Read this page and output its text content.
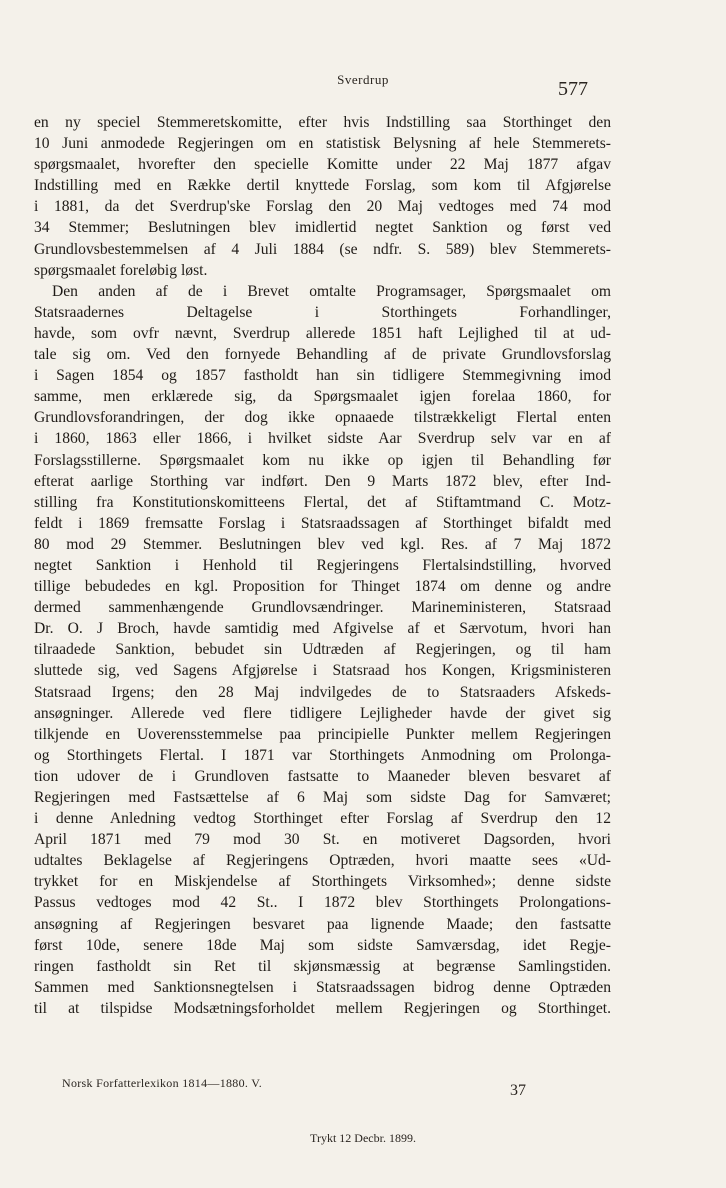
Sverdrup	577
en ny speciel Stemmeretskomitte, efter hvis Indstilling saa Storthinget den
10 Juni anmodede Regjeringen om en statistisk Belysning af hele Stemmerets-
spørgsmaalet, hvorefter den specielle Komitte under 22 Maj 1877 afgav
Indstilling med en Række dertil knyttede Forslag, som kom til Afgjørelse
i 1881, da det Sverdrup'ske Forslag den 20 Maj vedtoges med 74 mod
34 Stemmer; Beslutningen blev imidlertid negtet Sanktion og først ved
Grundlovsbestemmelsen af 4 Juli 1884 (se ndfr. S. 589) blev Stemmerets-
spørgsmaalet foreløbig løst.
Den anden af de i Brevet omtalte Programsager, Spørgsmaalet om
Statsraadernes Deltagelse i Storthingets Forhandlinger,
havde, som ovfr nævnt, Sverdrup allerede 1851 haft Lejlighed til at ud-
tale sig om. Ved den fornyede Behandling af de private Grundlovsforslag
i Sagen 1854 og 1857 fastholdt han sin tidligere Stemmegivning imod
samme, men erklærede sig, da Spørgsmaalet igjen forelaa 1860, for
Grundlovsforandringen, der dog ikke opnaaede tilstrækkeligt Flertal enten
i 1860, 1863 eller 1866, i hvilket sidste Aar Sverdrup selv var en af
Forslagsstillerne. Spørgsmaalet kom nu ikke op igjen til Behandling før
efterat aarlige Storthing var indført. Den 9 Marts 1872 blev, efter Ind-
stilling fra Konstitutionskomitteens Flertal, det af Stiftamtmand C. Motz-
feldt i 1869 fremsatte Forslag i Statsraadssagen af Storthinget bifaldt med
80 mod 29 Stemmer. Beslutningen blev ved kgl. Res. af 7 Maj 1872
negtet Sanktion i Henhold til Regjeringens Flertalsindstilling, hvorved
tillige bebudedes en kgl. Proposition for Thinget 1874 om denne og andre
dermed sammenhængende Grundlovsændringer. Marineministeren, Statsraad
Dr. O. J Broch, havde samtidig med Afgivelse af et Særvotum, hvori han
tilraadede Sanktion, bebudet sin Udtræden af Regjeringen, og til ham
sluttede sig, ved Sagens Afgjørelse i Statsraad hos Kongen, Krigsministeren
Statsraad Irgens; den 28 Maj indvilgedes de to Statsraaders Afskeds-
ansøgninger. Allerede ved flere tidligere Lejligheder havde der givet sig
tilkjende en Uoverensstemmelse paa principielle Punkter mellem Regjeringen
og Storthingets Flertal. I 1871 var Storthingets Anmodning om Prolonga-
tion udover de i Grundloven fastsatte to Maaneder bleven besvaret af
Regjeringen med Fastsættelse af 6 Maj som sidste Dag for Samværet;
i denne Anledning vedtog Storthinget efter Forslag af Sverdrup den 12
April 1871 med 79 mod 30 St. en motiveret Dagsorden, hvori
udtaltes Beklagelse af Regjeringens Optræden, hvori maatte sees «Ud-
trykket for en Miskjendelse af Storthingets Virksomhed»; denne sidste
Passus vedtoges mod 42 St.. I 1872 blev Storthingets Prolongations-
ansøgning af Regjeringen besvaret paa lignende Maade; den fastsatte
først 10de, senere 18de Maj som sidste Samværsdag, idet Regje-
ringen fastholdt sin Ret til skjønsmæssig at begrænse Samlingstiden.
Sammen med Sanktionsnegtelsen i Statsraadssagen bidrog denne Optræden
til at tilspidse Modsætningsforholdet mellem Regjeringen og Storthinget.
Norsk Forfatterlexikon 1814—1880. V.	37
Trykt 12 Decbr. 1899.
